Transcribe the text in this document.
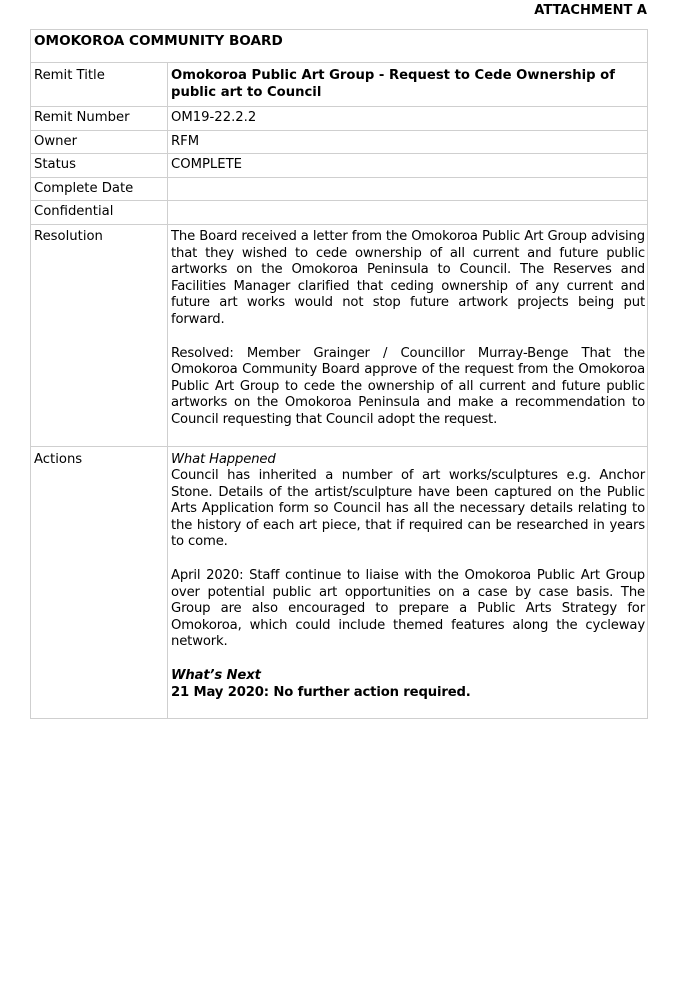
ATTACHMENT A
OMOKOROA COMMUNITY BOARD	
Remit Title	Omokoroa Public Art Group - Request to Cede Ownership of public art to Council
Remit Number	OM19-22.2.2
Owner	RFM
Status	COMPLETE
Complete Date	
Confidential	
Resolution	The Board received a letter from the Omokoroa Public Art Group advising that they wished to cede ownership of all current and future public artworks on the Omokoroa Peninsula to Council. The Reserves and Facilities Manager clarified that ceding ownership of any current and future art works would not stop future artwork projects being put forward.

Resolved: Member Grainger / Councillor Murray-Benge That the Omokoroa Community Board approve of the request from the Omokoroa Public Art Group to cede the ownership of all current and future public artworks on the Omokoroa Peninsula and make a recommendation to Council requesting that Council adopt the request.

Actions	What Happened

Council has inherited a number of art works/sculptures e.g. Anchor Stone. Details of the artist/sculpture have been captured on the Public Arts Application form so Council has all the necessary details relating to the history of each art piece, that if required can be researched in years to come.

April 2020: Staff continue to liaise with the Omokoroa Public Art Group over potential public art opportunities on a case by case basis. The Group are also encouraged to prepare a Public Arts Strategy for Omokoroa, which could include themed features along the cycleway network.

What’s Next

21 May 2020: No further action required.
